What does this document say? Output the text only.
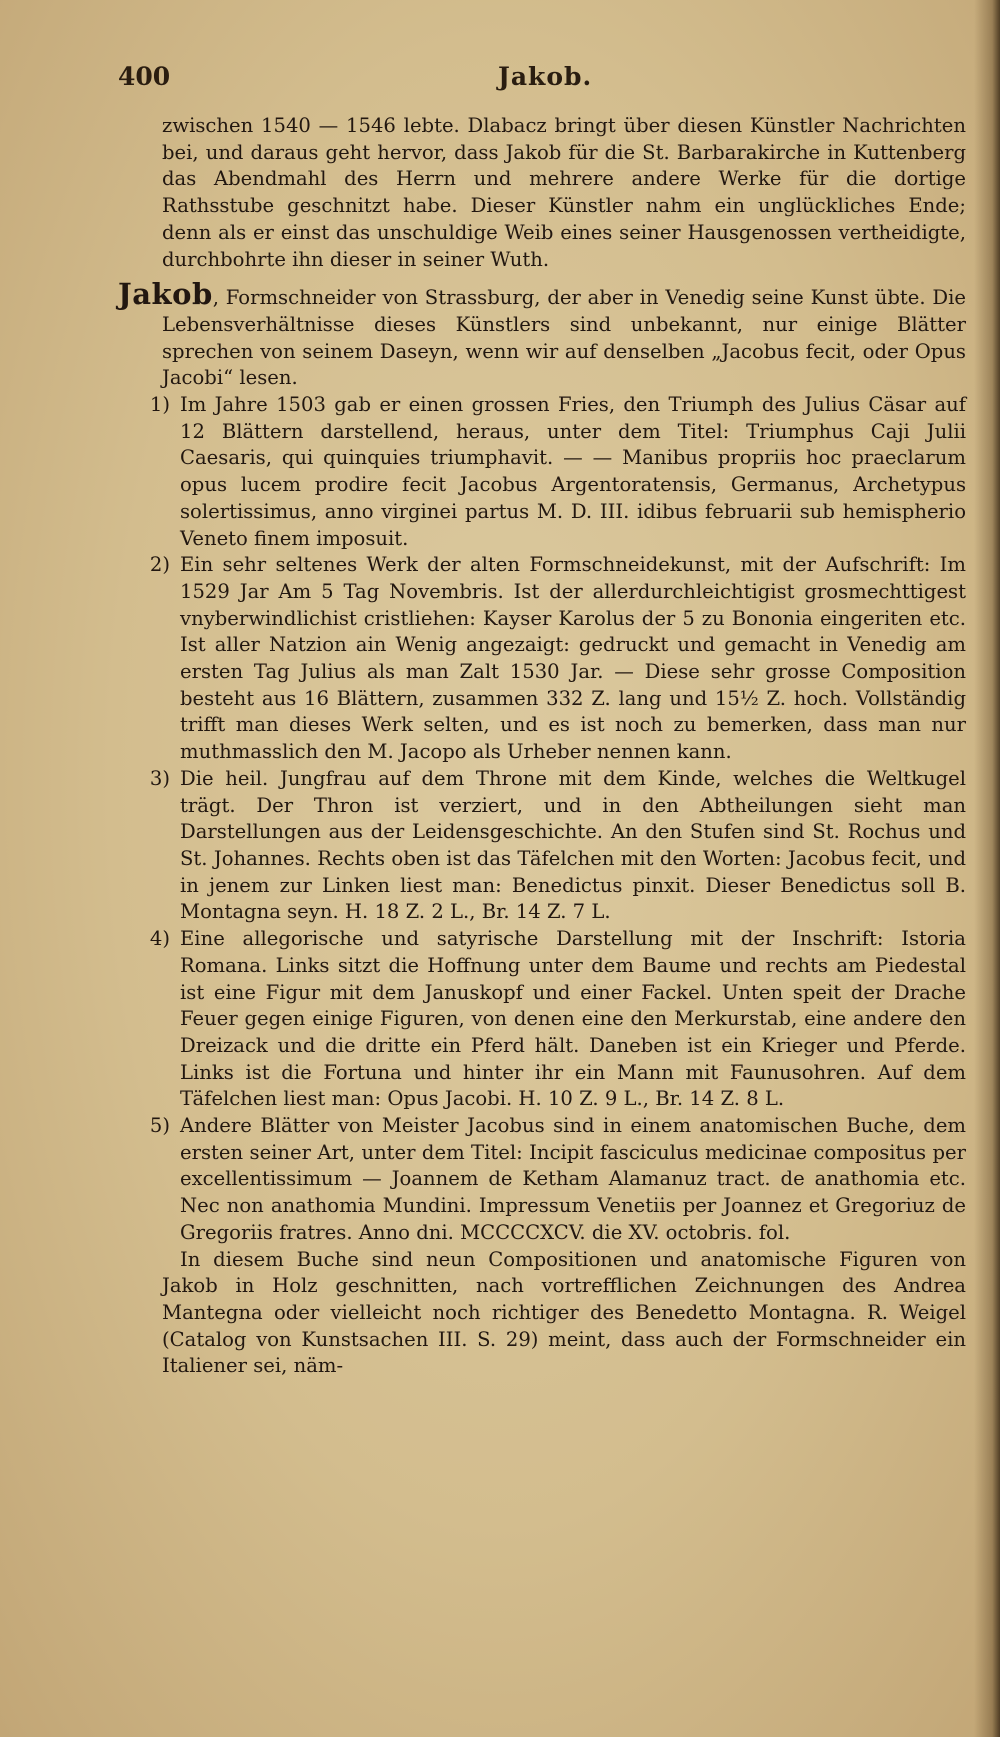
400	Jakob.

zwischen 1540 — 1546 lebte. Dlabacz bringt über diesen Künstler Nachrichten bei, und daraus geht hervor, dass Jakob für die St. Barbarakirche in Kuttenberg das Abendmahl des Herrn und mehrere andere Werke für die dortige Rathsstube geschnitzt habe. Dieser Künstler nahm ein unglückliches Ende; denn als er einst das unschuldige Weib eines seiner Hausgenossen vertheidigte, durchbohrte ihn dieser in seiner Wuth.

Jakob, Formschneider von Strassburg, der aber in Venedig seine Kunst übte. Die Lebensverhältnisse dieses Künstlers sind unbekannt, nur einige Blätter sprechen von seinem Daseyn, wenn wir auf denselben „Jacobus fecit, oder Opus Jacobi“ lesen.

1) Im Jahre 1503 gab er einen grossen Fries, den Triumph des Julius Cäsar auf 12 Blättern darstellend, heraus, unter dem Titel: Triumphus Caji Julii Caesaris, qui quinquies triumphavit. — — Manibus propriis hoc praeclarum opus lucem prodire fecit Jacobus Argentoratensis, Germanus, Archetypus solertissimus, anno virginei partus M. D. III. idibus februarii sub hemispherio Veneto finem imposuit.
2) Ein sehr seltenes Werk der alten Formschneidekunst, mit der Aufschrift: Im 1529 Jar Am 5 Tag Novembris. Ist der allerdurchleichtigist grosmechttigest vnyberwindlichist cristliehen: Kayser Karolus der 5 zu Bononia eingeriten etc. Ist aller Natzion ain Wenig angezaigt: gedruckt und gemacht in Venedig am ersten Tag Julius als man Zalt 1530 Jar. — Diese sehr grosse Composition besteht aus 16 Blättern, zusammen 332 Z. lang und 15½ Z. hoch. Vollständig trifft man dieses Werk selten, und es ist noch zu bemerken, dass man nur muthmasslich den M. Jacopo als Urheber nennen kann.
3) Die heil. Jungfrau auf dem Throne mit dem Kinde, welches die Weltkugel trägt. Der Thron ist verziert, und in den Abtheilungen sieht man Darstellungen aus der Leidensgeschichte. An den Stufen sind St. Rochus und St. Johannes. Rechts oben ist das Täfelchen mit den Worten: Jacobus fecit, und in jenem zur Linken liest man: Benedictus pinxit. Dieser Benedictus soll B. Montagna seyn. H. 18 Z. 2 L., Br. 14 Z. 7 L.
4) Eine allegorische und satyrische Darstellung mit der Inschrift: Istoria Romana. Links sitzt die Hoffnung unter dem Baume und rechts am Piedestal ist eine Figur mit dem Januskopf und einer Fackel. Unten speit der Drache Feuer gegen einige Figuren, von denen eine den Merkurstab, eine andere den Dreizack und die dritte ein Pferd hält. Daneben ist ein Krieger und Pferde. Links ist die Fortuna und hinter ihr ein Mann mit Faunusohren. Auf dem Täfelchen liest man: Opus Jacobi. H. 10 Z. 9 L., Br. 14 Z. 8 L.
5) Andere Blätter von Meister Jacobus sind in einem anatomischen Buche, dem ersten seiner Art, unter dem Titel: Incipit fasciculus medicinae compositus per excellentissimum — Joannem de Ketham Alamanuz tract. de anathomia etc. Nec non anathomia Mundini. Impressum Venetiis per Joannez et Gregoriuz de Gregoriis fratres. Anno dni. MCCCCXCV. die XV. octobris. fol.

In diesem Buche sind neun Compositionen und anatomische Figuren von Jakob in Holz geschnitten, nach vortrefflichen Zeichnungen des Andrea Mantegna oder vielleicht noch richtiger des Benedetto Montagna. R. Weigel (Catalog von Kunstsachen III. S. 29) meint, dass auch der Formschneider ein Italiener sei, näm-
